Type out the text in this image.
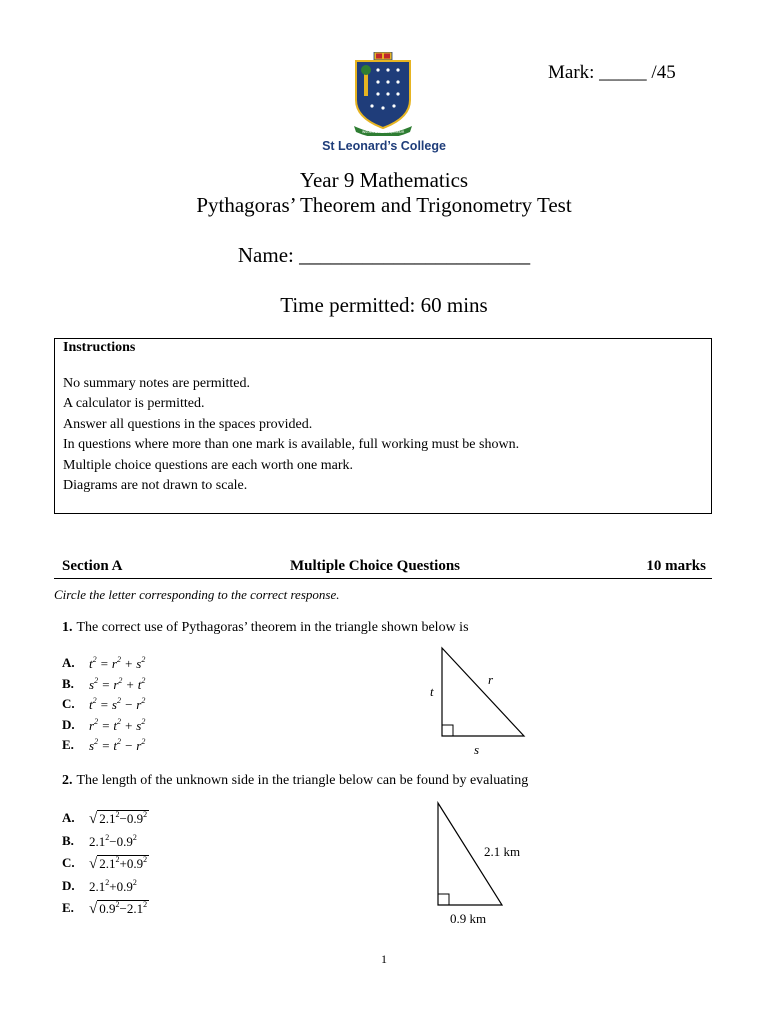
Mark: _____ /45
INSULA DUCE SEQUAMUR
St Leonard’s College
Year 9 Mathematics
Pythagoras’ Theorem and Trigonometry Test
Name: ______________________
Time permitted: 60 mins
Instructions
No summary notes are permitted.
A calculator is permitted.
Answer all questions in the spaces provided.
In questions where more than one mark is available, full working must be shown.
Multiple choice questions are each worth one mark.
Diagrams are not drawn to scale.
Section A	Multiple Choice Questions	10 marks
Circle the letter corresponding to the correct response.
1. The correct use of Pythagoras’ theorem in the triangle shown below is
A. $t^2 = r^2 + s^2$
B. $s^2 = r^2 + t^2$
C. $t^2 = s^2 - r^2$
D. $r^2 = t^2 + s^2$
E. $s^2 = t^2 - r^2$
t
r
s
2. The length of the unknown side in the triangle below can be found by evaluating
A. √ $2.1^2-0.9^2$
B. $2.1^2-0.9^2$
C. √ $2.1^2+0.9^2$
D. $2.1^2+0.9^2$
E. √ $0.9^2-2.1^2$
2.1 km
0.9 km
1
